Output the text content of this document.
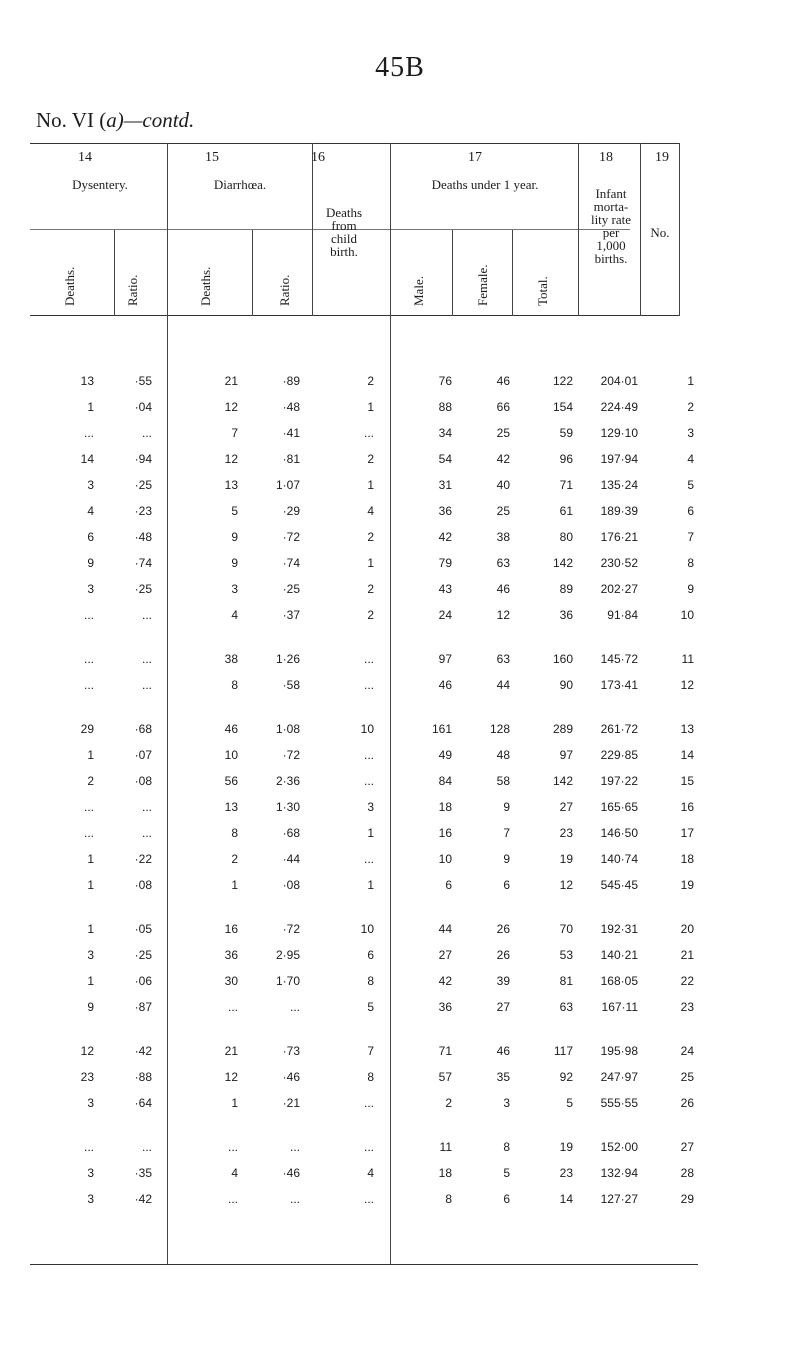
45B
No. VI (a)—contd.
14	15	16	17	18	19
Dysentery.	Diarrhœa.	Deaths under 1 year.
Deaths
from
child
birth.
Infant
morta-
lity rate
per
1,000
births.
No.
Deaths.	Ratio.	Deaths.	Ratio.	Male.	Female.	Total.
13	·55	21	·89	2	76	46	122	204·01	1
1	·04	12	·48	1	88	66	154	224·49	2
...	...	7	·41	...	34	25	59	129·10	3
14	·94	12	·81	2	54	42	96	197·94	4
3	·25	13	1·07	1	31	40	71	135·24	5
4	·23	5	·29	4	36	25	61	189·39	6
6	·48	9	·72	2	42	38	80	176·21	7
9	·74	9	·74	1	79	63	142	230·52	8
3	·25	3	·25	2	43	46	89	202·27	9
...	...	4	·37	2	24	12	36	91·84	10
...	...	38	1·26	...	97	63	160	145·72	11
...	...	8	·58	...	46	44	90	173·41	12
29	·68	46	1·08	10	161	128	289	261·72	13
1	·07	10	·72	...	49	48	97	229·85	14
2	·08	56	2·36	...	84	58	142	197·22	15
...	...	13	1·30	3	18	9	27	165·65	16
...	...	8	·68	1	16	7	23	146·50	17
1	·22	2	·44	...	10	9	19	140·74	18
1	·08	1	·08	1	6	6	12	545·45	19
1	·05	16	·72	10	44	26	70	192·31	20
3	·25	36	2·95	6	27	26	53	140·21	21
1	·06	30	1·70	8	42	39	81	168·05	22
9	·87	...	...	5	36	27	63	167·11	23
12	·42	21	·73	7	71	46	117	195·98	24
23	·88	12	·46	8	57	35	92	247·97	25
3	·64	1	·21	...	2	3	5	555·55	26
...	...	...	...	...	11	8	19	152·00	27
3	·35	4	·46	4	18	5	23	132·94	28
3	·42	...	...	...	8	6	14	127·27	29
